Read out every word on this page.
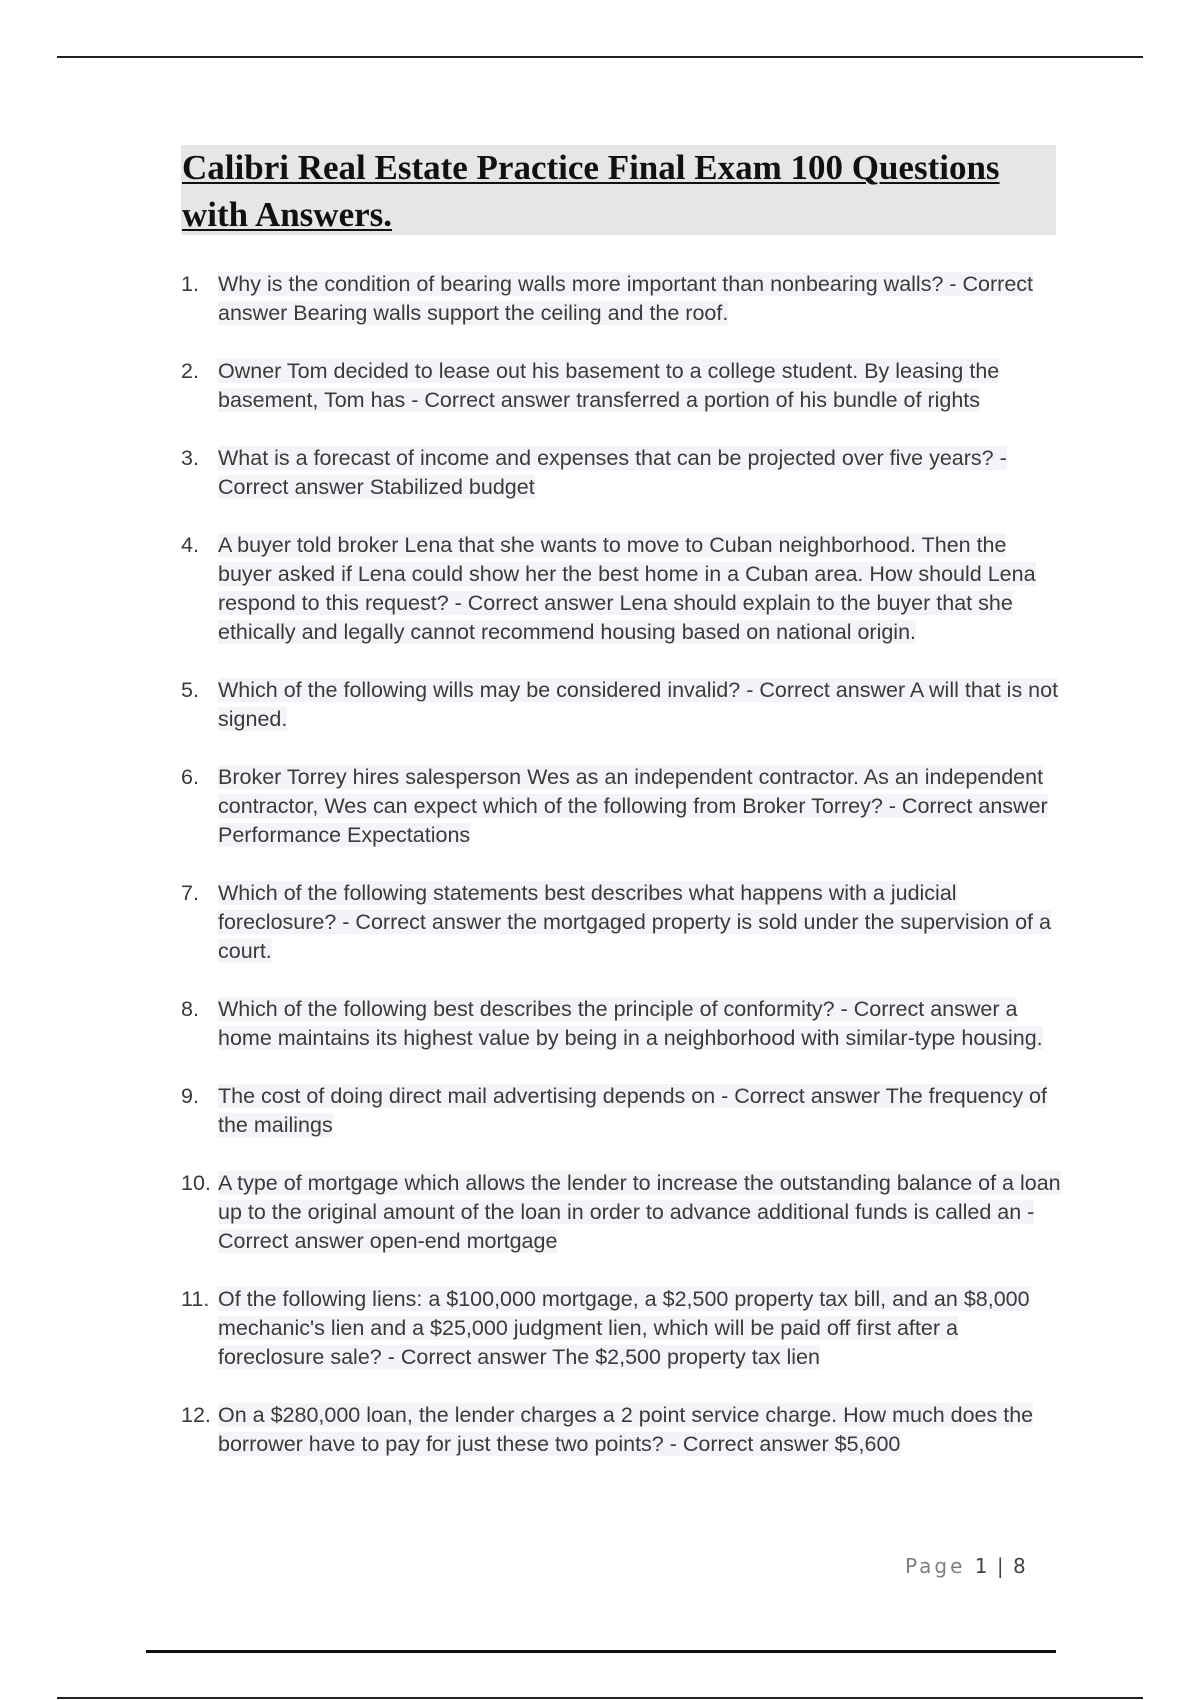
Calibri Real Estate Practice Final Exam 100 Questions with Answers.
1. Why is the condition of bearing walls more important than nonbearing walls? - Correct answer Bearing walls support the ceiling and the roof.
2. Owner Tom decided to lease out his basement to a college student. By leasing the basement, Tom has - Correct answer transferred a portion of his bundle of rights
3. What is a forecast of income and expenses that can be projected over five years? - Correct answer Stabilized budget
4. A buyer told broker Lena that she wants to move to Cuban neighborhood. Then the buyer asked if Lena could show her the best home in a Cuban area. How should Lena respond to this request? - Correct answer Lena should explain to the buyer that she ethically and legally cannot recommend housing based on national origin.
5. Which of the following wills may be considered invalid? - Correct answer A will that is not signed.
6. Broker Torrey hires salesperson Wes as an independent contractor. As an independent contractor, Wes can expect which of the following from Broker Torrey? - Correct answer Performance Expectations
7. Which of the following statements best describes what happens with a judicial foreclosure? - Correct answer the mortgaged property is sold under the supervision of a court.
8. Which of the following best describes the principle of conformity? - Correct answer a home maintains its highest value by being in a neighborhood with similar-type housing.
9. The cost of doing direct mail advertising depends on - Correct answer The frequency of the mailings
10. A type of mortgage which allows the lender to increase the outstanding balance of a loan up to the original amount of the loan in order to advance additional funds is called an - Correct answer open-end mortgage
11. Of the following liens: a $100,000 mortgage, a $2,500 property tax bill, and an $8,000 mechanic's lien and a $25,000 judgment lien, which will be paid off first after a foreclosure sale? - Correct answer The $2,500 property tax lien
12. On a $280,000 loan, the lender charges a 2 point service charge. How much does the borrower have to pay for just these two points? - Correct answer $5,600
Page 1 | 8
